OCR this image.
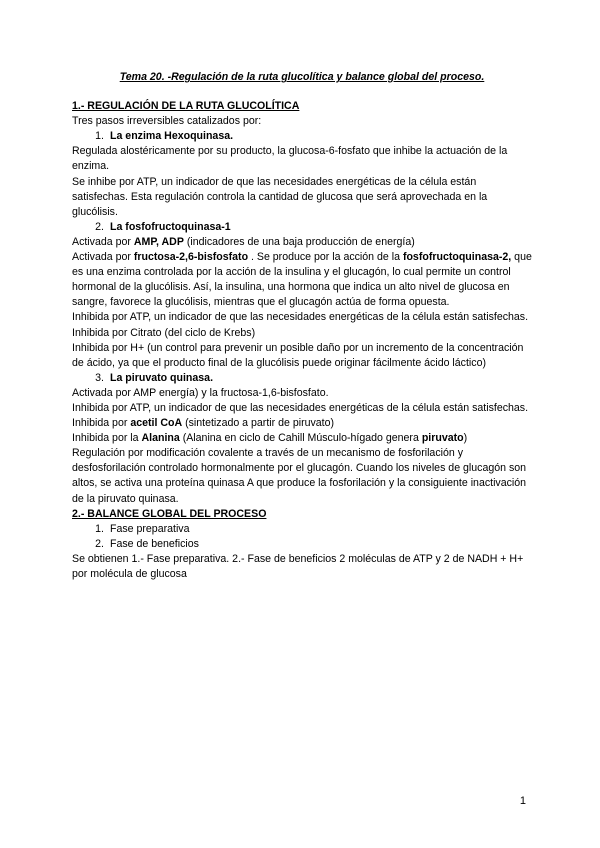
Tema 20. -Regulación de la ruta glucolítica y balance global del proceso.

1.- REGULACIÓN DE LA RUTA GLUCOLÍTICA

Tres pasos irreversibles catalizados por:

1. La enzima Hexoquinasa.

Regulada alostéricamente por su producto, la glucosa-6-fosfato que inhibe la actuación de la enzima.

Se inhibe por ATP, un indicador de que las necesidades energéticas de la célula están satisfechas. Esta regulación controla la cantidad de glucosa que será aprovechada en la glucólisis.

2. La fosfofructoquinasa-1

Activada por AMP, ADP (indicadores de una baja producción de energía)

Activada por fructosa-2,6-bisfosfato . Se produce por la acción de la fosfofructoquinasa-2, que es una enzima controlada por la acción de la insulina y el glucagón, lo cual permite un control hormonal de la glucólisis. Así, la insulina, una hormona que indica un alto nivel de glucosa en sangre, favorece la glucólisis, mientras que el glucagón actúa de forma opuesta.

Inhibida por ATP, un indicador de que las necesidades energéticas de la célula están satisfechas.

Inhibida por Citrato (del ciclo de Krebs)

Inhibida por H+ (un control para prevenir un posible daño por un incremento de la concentración de ácido, ya que el producto final de la glucólisis puede originar fácilmente ácido láctico)

3. La piruvato quinasa.

Activada por AMP energía) y la fructosa-1,6-bisfosfato.

Inhibida por ATP, un indicador de que las necesidades energéticas de la célula están satisfechas.

Inhibida por acetil CoA (sintetizado a partir de piruvato)

Inhibida por la Alanina (Alanina en ciclo de Cahill Músculo-hígado genera piruvato)

Regulación por modificación covalente a través de un mecanismo de fosforilación y desfosforilación controlado hormonalmente por el glucagón. Cuando los niveles de glucagón son altos, se activa una proteína quinasa A que produce la fosforilación y la consiguiente inactivación de la piruvato quinasa.

2.- BALANCE GLOBAL DEL PROCESO

1. Fase preparativa
2. Fase de beneficios

Se obtienen 1.- Fase preparativa. 2.- Fase de beneficios 2 moléculas de ATP y 2 de NADH + H+ por molécula de glucosa

1
